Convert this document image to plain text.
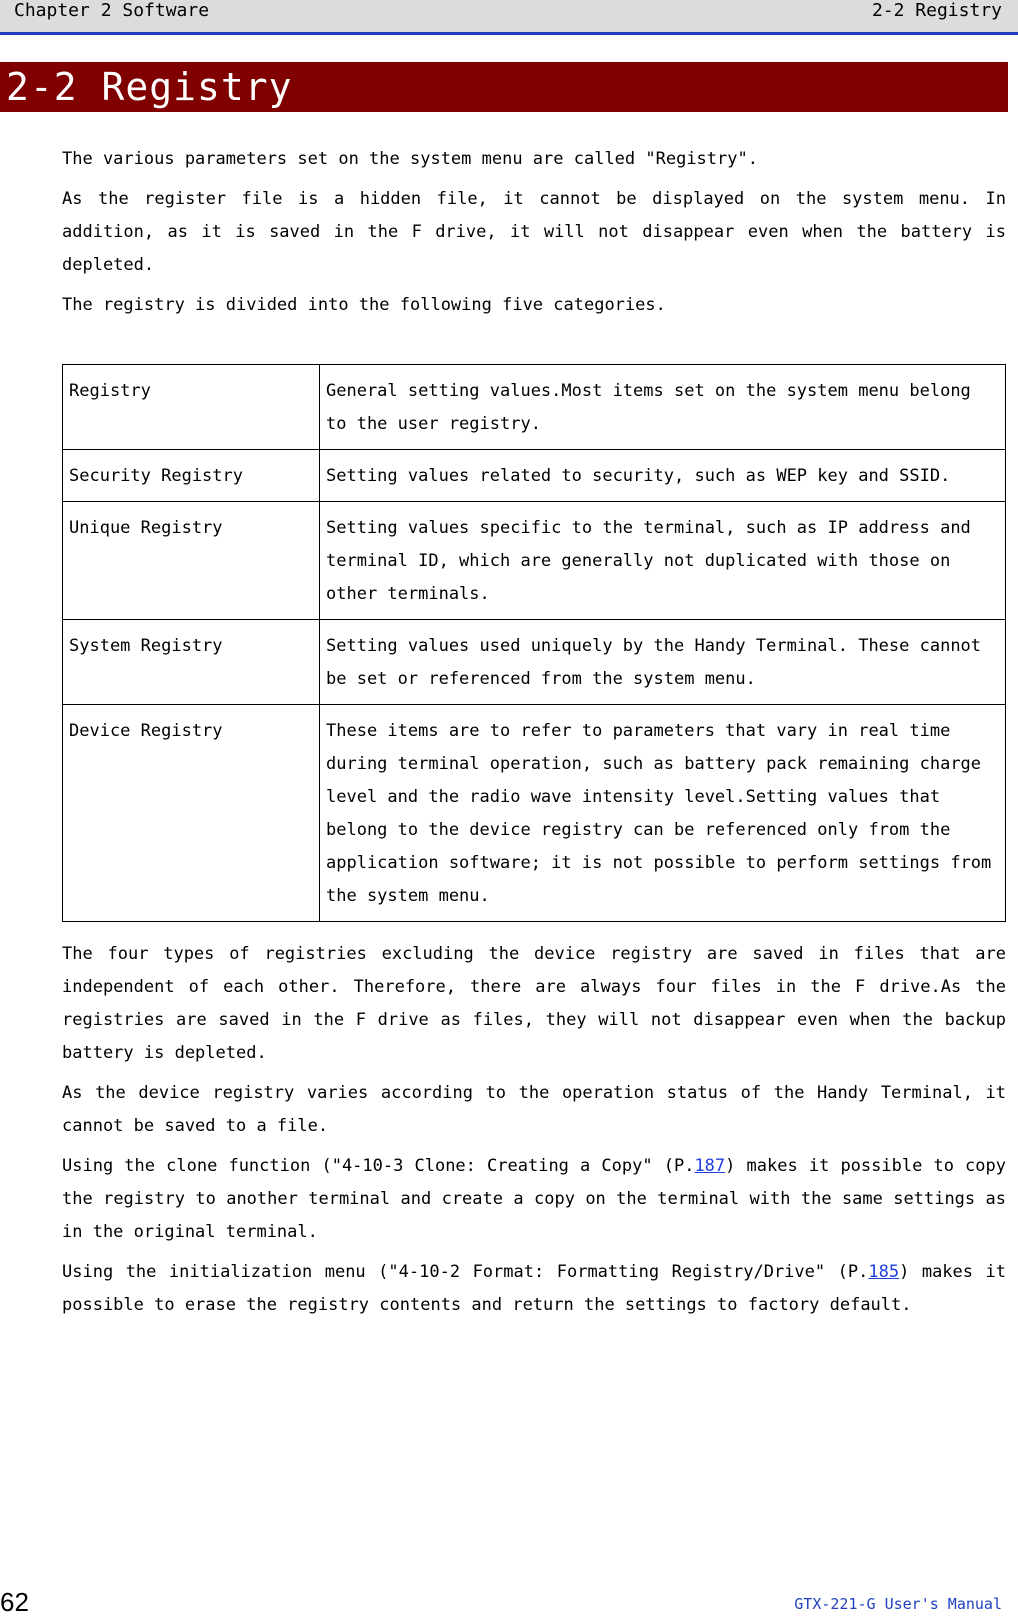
Chapter 2 Software	2-2 Registry
2-2 Registry

The various parameters set on the system menu are called "Registry".

As the register file is a hidden file, it cannot be displayed on the system menu. In addition, as it is saved in the F drive, it will not disappear even when the battery is depleted.

The registry is divided into the following five categories.

Registry	General setting values.Most items set on the system menu belong to the user registry.
Security Registry	Setting values related to security, such as WEP key and SSID.
Unique Registry	Setting values specific to the terminal, such as IP address and terminal ID, which are generally not duplicated with those on other terminals.
System Registry	Setting values used uniquely by the Handy Terminal. These cannot be set or referenced from the system menu.
Device Registry	These items are to refer to parameters that vary in real time during terminal operation, such as battery pack remaining charge level and the radio wave intensity level.Setting values that belong to the device registry can be referenced only from the application software; it is not possible to perform settings from the system menu.

The four types of registries excluding the device registry are saved in files that are independent of each other. Therefore, there are always four files in the F drive.As the registries are saved in the F drive as files, they will not disappear even when the backup battery is depleted.

As the device registry varies according to the operation status of the Handy Terminal, it cannot be saved to a file.

Using the clone function ("4-10-3 Clone: Creating a Copy" (P.187) makes it possible to copy the registry to another terminal and create a copy on the terminal with the same settings as in the original terminal.

Using the initialization menu ("4-10-2 Format: Formatting Registry/Drive" (P.185) makes it possible to erase the registry contents and return the settings to factory default.

62	GTX-221-G User's Manual
